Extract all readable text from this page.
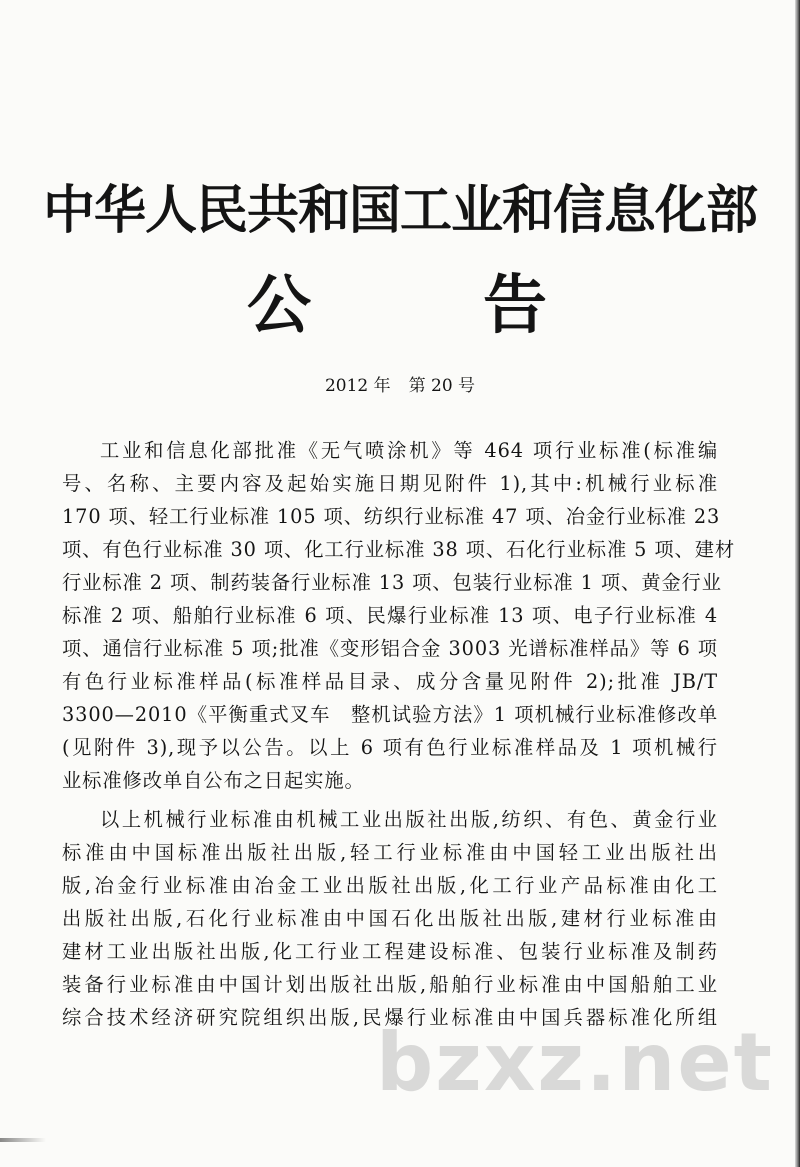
中华人民共和国工业和信息化部
公	告
2012 年 第 20 号
工业和信息化部批准《无气喷涂机》等 464 项行业标准(标准编
号、名称、主要内容及起始实施日期见附件 1),其中:机械行业标准
170 项、轻工行业标准 105 项、纺织行业标准 47 项、冶金行业标准 23
项、有色行业标准 30 项、化工行业标准 38 项、石化行业标准 5 项、建材
行业标准 2 项、制药装备行业标准 13 项、包装行业标准 1 项、黄金行业
标准 2 项、船舶行业标准 6 项、民爆行业标准 13 项、电子行业标准 4
项、通信行业标准 5 项;批准《变形铝合金 3003 光谱标准样品》等 6 项
有色行业标准样品(标准样品目录、成分含量见附件 2);批准 JB/T
3300—2010《平衡重式叉车　整机试验方法》1 项机械行业标准修改单
(见附件 3),现予以公告。以上 6 项有色行业标准样品及 1 项机械行
业标准修改单自公布之日起实施。
以上机械行业标准由机械工业出版社出版,纺织、有色、黄金行业
标准由中国标准出版社出版,轻工行业标准由中国轻工业出版社出
版,冶金行业标准由冶金工业出版社出版,化工行业产品标准由化工
出版社出版,石化行业标准由中国石化出版社出版,建材行业标准由
建材工业出版社出版,化工行业工程建设标准、包装行业标准及制药
装备行业标准由中国计划出版社出版,船舶行业标准由中国船舶工业
综合技术经济研究院组织出版,民爆行业标准由中国兵器标准化所组
bzxz.net
